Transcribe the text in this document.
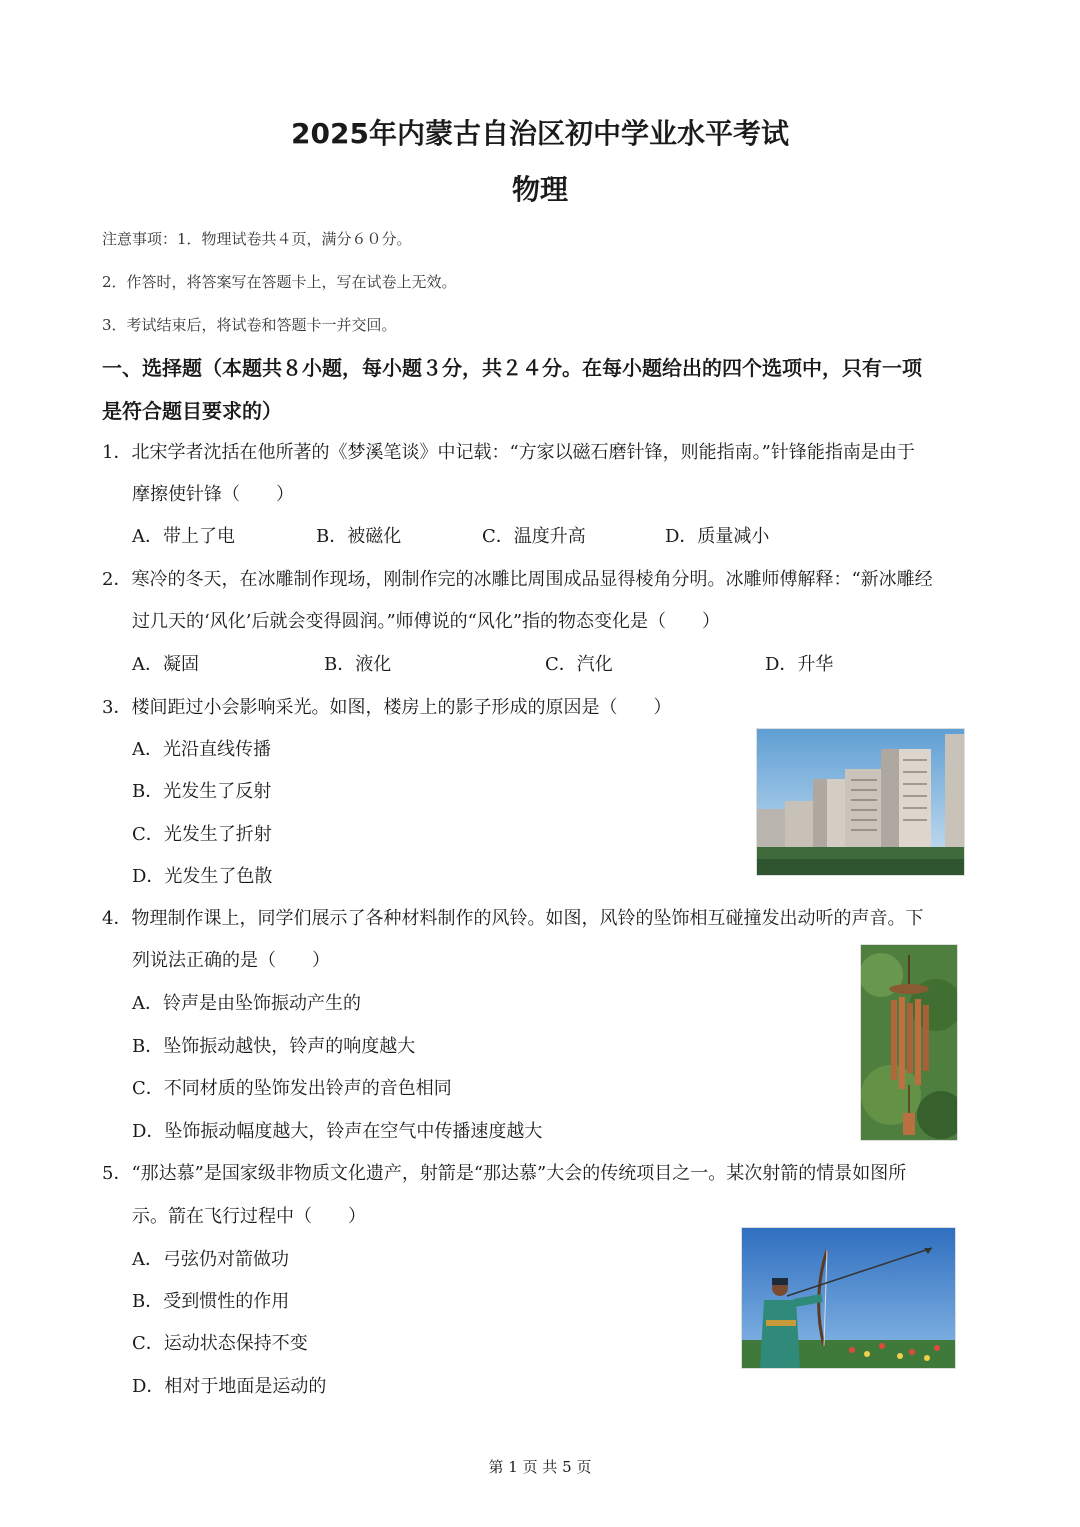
2025年内蒙古自治区初中学业水平考试
物理
注意事项：1．物理试卷共４页，满分６０分。
2．作答时，将答案写在答题卡上，写在试卷上无效。
3．考试结束后，将试卷和答题卡一并交回。
一、选择题（本题共８小题，每小题３分，共２４分。在每小题给出的四个选项中，只有一项
是符合题目要求的）
1．北宋学者沈括在他所著的《梦溪笔谈》中记载：“方家以磁石磨针锋，则能指南。”针锋能指南是由于
摩擦使针锋（　　）
A．带上了电	B．被磁化	C．温度升高	D．质量减小
2．寒冷的冬天，在冰雕制作现场，刚制作完的冰雕比周围成品显得棱角分明。冰雕师傅解释：“新冰雕经
过几天的‘风化’后就会变得圆润。”师傅说的“风化”指的物态变化是（　　）
A．凝固	B．液化	C．汽化	D．升华
3．楼间距过小会影响采光。如图，楼房上的影子形成的原因是（　　）
A．光沿直线传播
B．光发生了反射
C．光发生了折射
D．光发生了色散
4．物理制作课上，同学们展示了各种材料制作的风铃。如图，风铃的坠饰相互碰撞发出动听的声音。下
列说法正确的是（　　）
A．铃声是由坠饰振动产生的
B．坠饰振动越快，铃声的响度越大
C．不同材质的坠饰发出铃声的音色相同
D．坠饰振动幅度越大，铃声在空气中传播速度越大
5．“那达慕”是国家级非物质文化遗产，射箭是“那达慕”大会的传统项目之一。某次射箭的情景如图所
示。箭在飞行过程中（　　）
A．弓弦仍对箭做功
B．受到惯性的作用
C．运动状态保持不变
D．相对于地面是运动的
第 1 页 共 5 页
